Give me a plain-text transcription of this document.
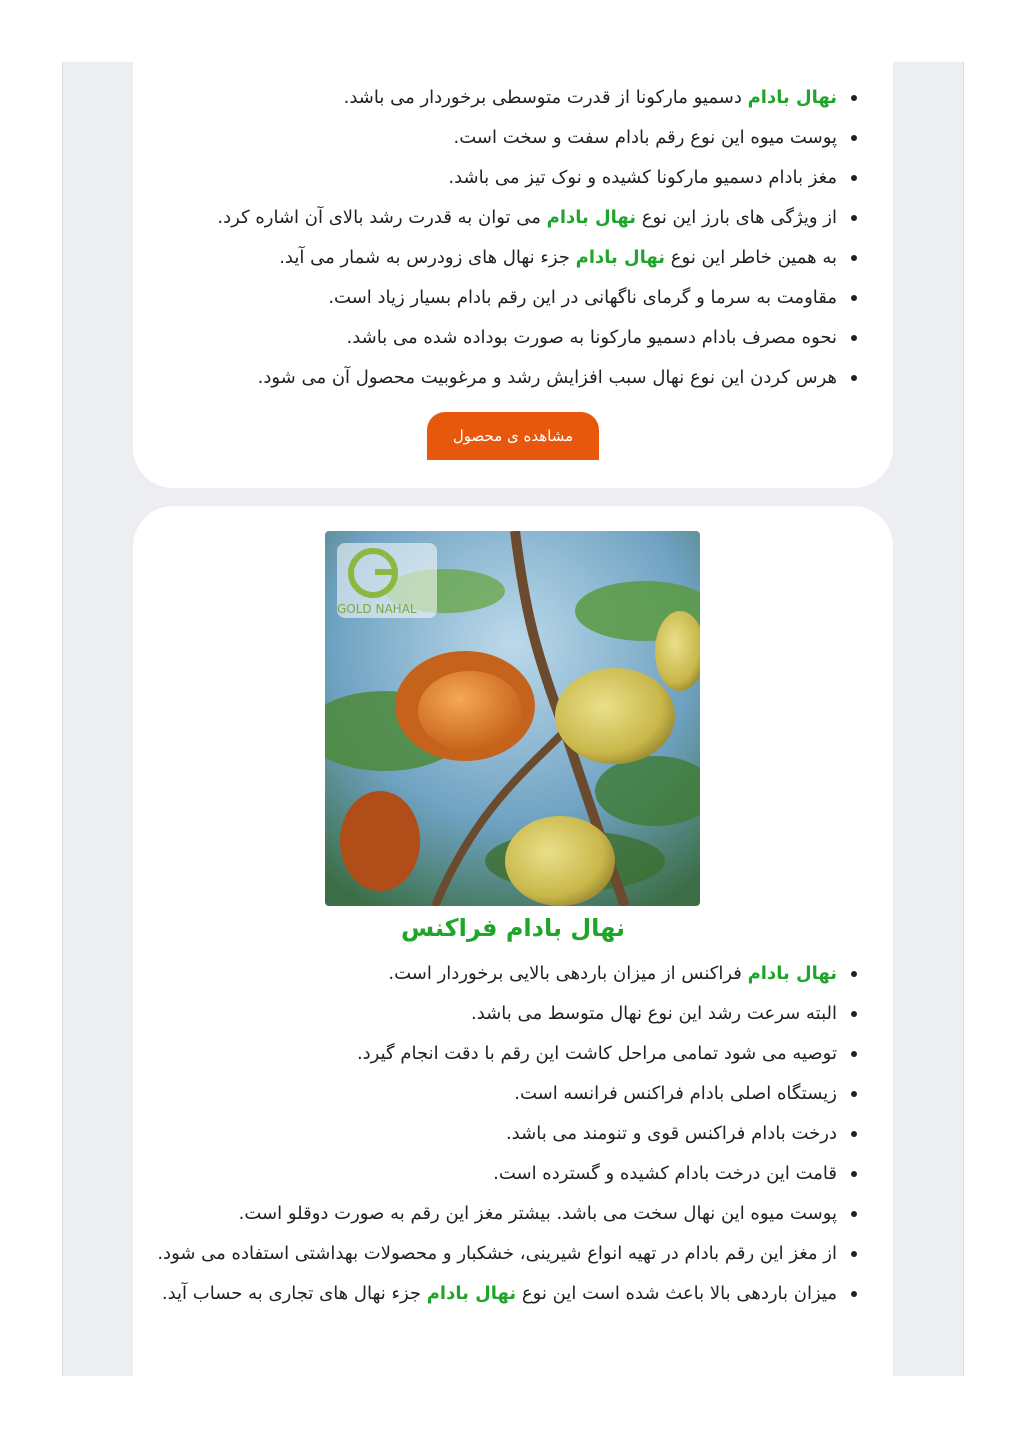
نهال بادام دسمیو مارکونا از قدرت متوسطی برخوردار می باشد.
پوست میوه این نوع رقم بادام سفت و سخت است.
مغز بادام دسمیو مارکونا کشیده و نوک تیز می باشد.
از ویژگی های بارز این نوع نهال بادام می توان به قدرت رشد بالای آن اشاره کرد.
به همین خاطر این نوع نهال بادام جزء نهال های زودرس به شمار می آید.
مقاومت به سرما و گرمای ناگهانی در این رقم بادام بسیار زیاد است.
نحوه مصرف بادام دسمیو مارکونا به صورت بوداده شده می باشد.
هرس کردن این نوع نهال سبب افزایش رشد و مرغوبیت محصول آن می شود.
مشاهده ی محصول
GOLD NAHAL
نهال بادام فراکنس
نهال بادام فراکنس از میزان باردهی بالایی برخوردار است.
البته سرعت رشد این نوع نهال متوسط می باشد.
توصیه می شود تمامی مراحل کاشت این رقم با دقت انجام گیرد.
زیستگاه اصلی بادام فراکنس فرانسه است.
درخت بادام فراکنس قوی و تنومند می باشد.
قامت این درخت بادام کشیده و گسترده است.
پوست میوه این نهال سخت می باشد. بیشتر مغز این رقم به صورت دوقلو است.
از مغز این رقم بادام در تهیه انواع شیرینی، خشکبار و محصولات بهداشتی استفاده می شود.
میزان باردهی بالا باعث شده است این نوع نهال بادام جزء نهال های تجاری به حساب آید.
